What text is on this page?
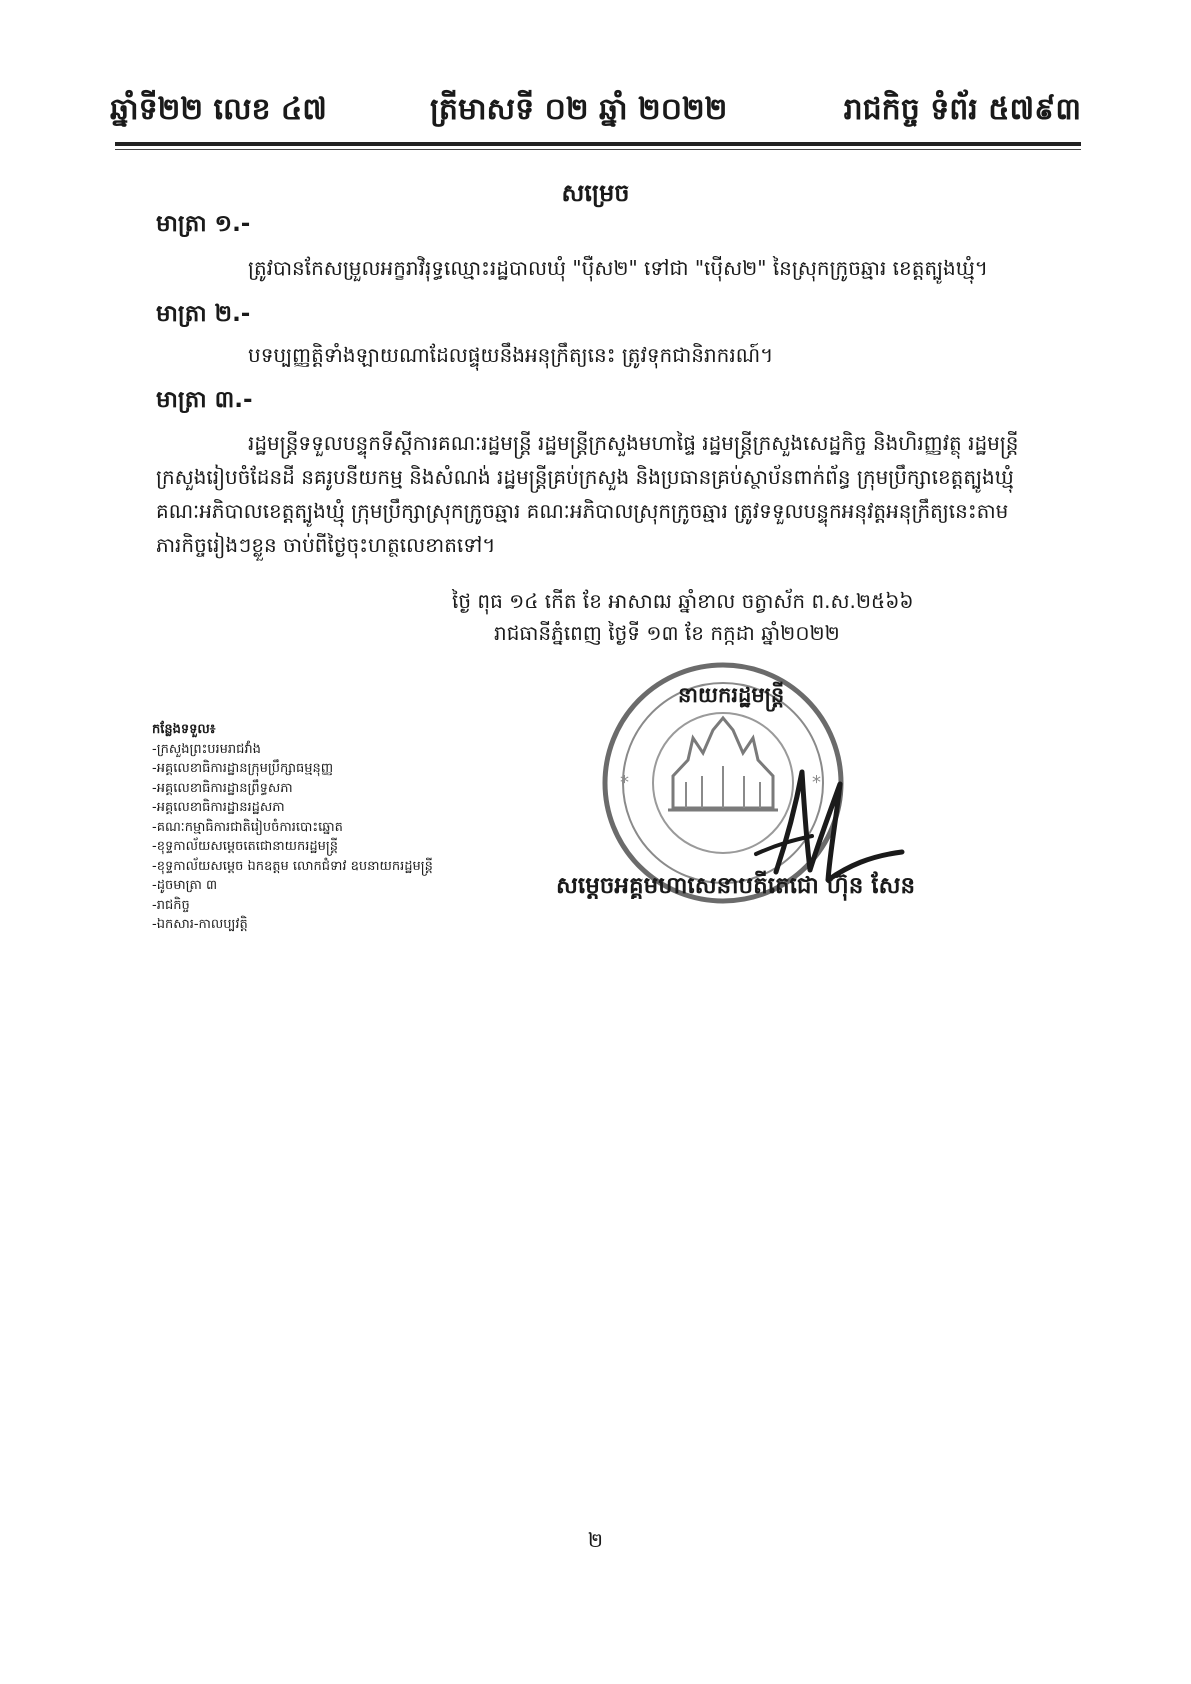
ឆ្នាំទី២២ លេខ ៤៧	ត្រីមាសទី ០២ ឆ្នាំ ២០២២	រាជកិច្ច ទំព័រ ៥៧៩៣
សម្រេច
មាត្រា ១.-
ត្រូវបានកែសម្រួលអក្ខរាវិរុទ្ធឈ្មោះរដ្ឋបាលឃុំ "ប៉ឺស២" ទៅជា "ប៉ើស២" នៃស្រុកក្រូចឆ្មារ ខេត្តត្បូងឃ្មុំ។
មាត្រា ២.-
បទប្បញ្ញត្តិទាំងឡាយណាដែលផ្ទុយនឹងអនុក្រឹត្យនេះ ត្រូវទុកជានិរាករណ៍។
មាត្រា ៣.-
រដ្ឋមន្ត្រីទទួលបន្ទុកទីស្តីការគណៈរដ្ឋមន្ត្រី រដ្ឋមន្ត្រីក្រសួងមហាផ្ទៃ រដ្ឋមន្ត្រីក្រសួងសេដ្ឋកិច្ច និងហិរញ្ញវត្ថុ រដ្ឋមន្ត្រីក្រសួងរៀបចំដែនដី នគរូបនីយកម្ម និងសំណង់ រដ្ឋមន្ត្រីគ្រប់ក្រសួង និងប្រធានគ្រប់ស្ថាប័នពាក់ព័ន្ធ ក្រុមប្រឹក្សាខេត្តត្បូងឃ្មុំ គណៈអភិបាលខេត្តត្បូងឃ្មុំ ក្រុមប្រឹក្សាស្រុកក្រូចឆ្មារ គណៈអភិបាលស្រុកក្រូចឆ្មារ ត្រូវទទួលបន្ទុកអនុវត្តអនុក្រឹត្យនេះតាមភារកិច្ចរៀងៗខ្លួន ចាប់ពីថ្ងៃចុះហត្ថលេខាតទៅ។
ថ្ងៃ ពុធ ១៤ កើត ខែ អាសាឍ ឆ្នាំខាល ចត្វាស័ក ព.ស.២៥៦៦
រាជធានីភ្នំពេញ ថ្ងៃទី ១៣ ខែ កក្កដា ឆ្នាំ២០២២
*	*
នាយករដ្ឋមន្ត្រី
សម្តេចអគ្គមហាសេនាបតីតេជោ ហ៊ុន សែន
កន្លែងទទួល៖
-ក្រសួងព្រះបរមរាជវាំង
-អគ្គលេខាធិការដ្ឋានក្រុមប្រឹក្សាធម្មនុញ្ញ
-អគ្គលេខាធិការដ្ឋានព្រឹទ្ធសភា
-អគ្គលេខាធិការដ្ឋានរដ្ឋសភា
-គណៈកម្មាធិការជាតិរៀបចំការបោះឆ្នោត
-ខុទ្ទកាល័យសម្តេចតេជោនាយករដ្ឋមន្ត្រី
-ខុទ្ទកាល័យសម្តេច ឯកឧត្តម លោកជំទាវ ឧបនាយករដ្ឋមន្ត្រី
-ដូចមាត្រា ៣
-រាជកិច្ច
-ឯកសារ-កាលប្បវត្តិ
២
